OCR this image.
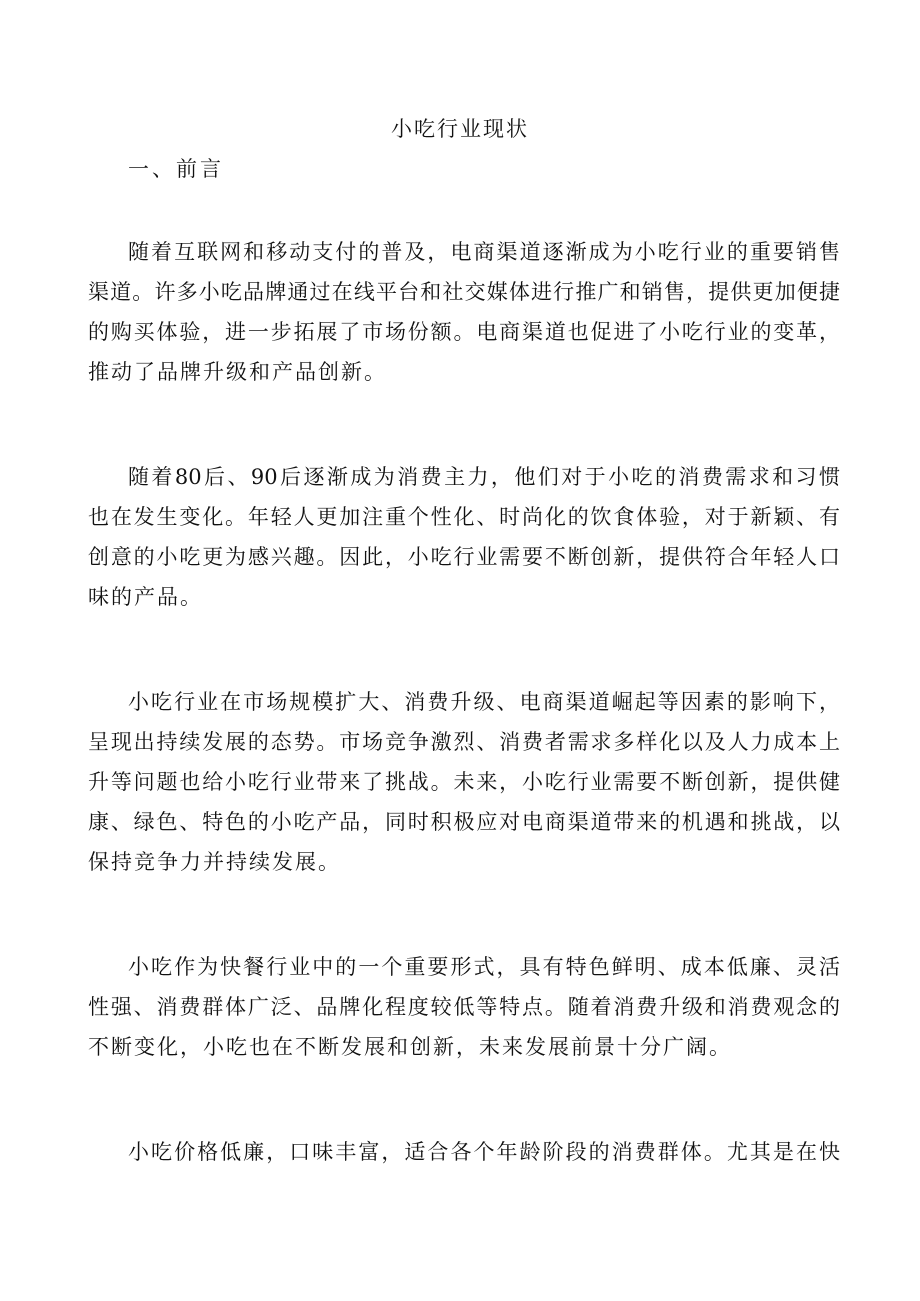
小吃行业现状
一、前言
随着互联网和移动支付的普及，电商渠道逐渐成为小吃行业的重要销售
渠道。许多小吃品牌通过在线平台和社交媒体进行推广和销售，提供更加便捷
的购买体验，进一步拓展了市场份额。电商渠道也促进了小吃行业的变革，
推动了品牌升级和产品创新。
随着80后、90后逐渐成为消费主力，他们对于小吃的消费需求和习惯
也在发生变化。年轻人更加注重个性化、时尚化的饮食体验，对于新颖、有
创意的小吃更为感兴趣。因此，小吃行业需要不断创新，提供符合年轻人口
味的产品。
小吃行业在市场规模扩大、消费升级、电商渠道崛起等因素的影响下，
呈现出持续发展的态势。市场竞争激烈、消费者需求多样化以及人力成本上
升等问题也给小吃行业带来了挑战。未来，小吃行业需要不断创新，提供健
康、绿色、特色的小吃产品，同时积极应对电商渠道带来的机遇和挑战，以
保持竞争力并持续发展。
小吃作为快餐行业中的一个重要形式，具有特色鲜明、成本低廉、灵活
性强、消费群体广泛、品牌化程度较低等特点。随着消费升级和消费观念的
不断变化，小吃也在不断发展和创新，未来发展前景十分广阔。
小吃价格低廉，口味丰富，适合各个年龄阶段的消费群体。尤其是在快
